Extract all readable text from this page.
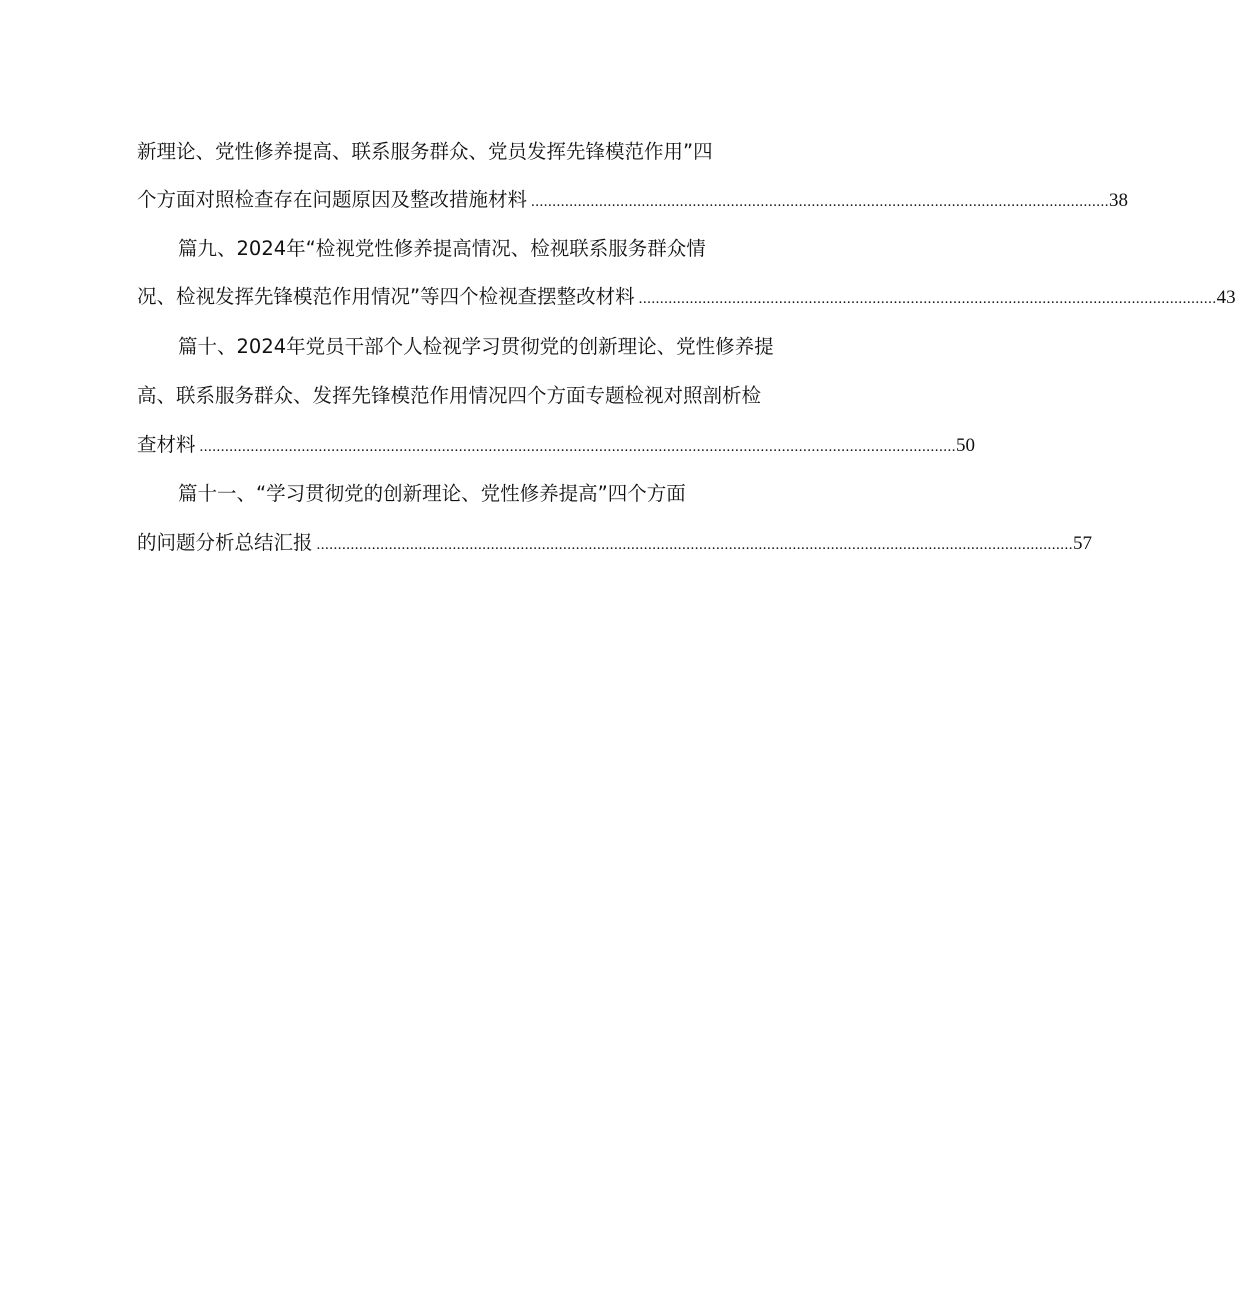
新理论、党性修养提高、联系服务群众、党员发挥先锋模范作用”四
个方面对照检查存在问题原因及整改措施材料 ........................................................................................................................................ 38
篇九、2024年“检视党性修养提高情况、检视联系服务群众情
况、检视发挥先锋模范作用情况”等四个检视查摆整改材料 ........................................................................................................................................ 43
篇十、2024年党员干部个人检视学习贯彻党的创新理论、党性修养提
高、联系服务群众、发挥先锋模范作用情况四个方面专题检视对照剖析检
查材料 .................................................................................................................................................................................. 50
篇十一、“学习贯彻党的创新理论、党性修养提高”四个方面
的问题分析总结汇报 .................................................................................................................................................................................. 57
